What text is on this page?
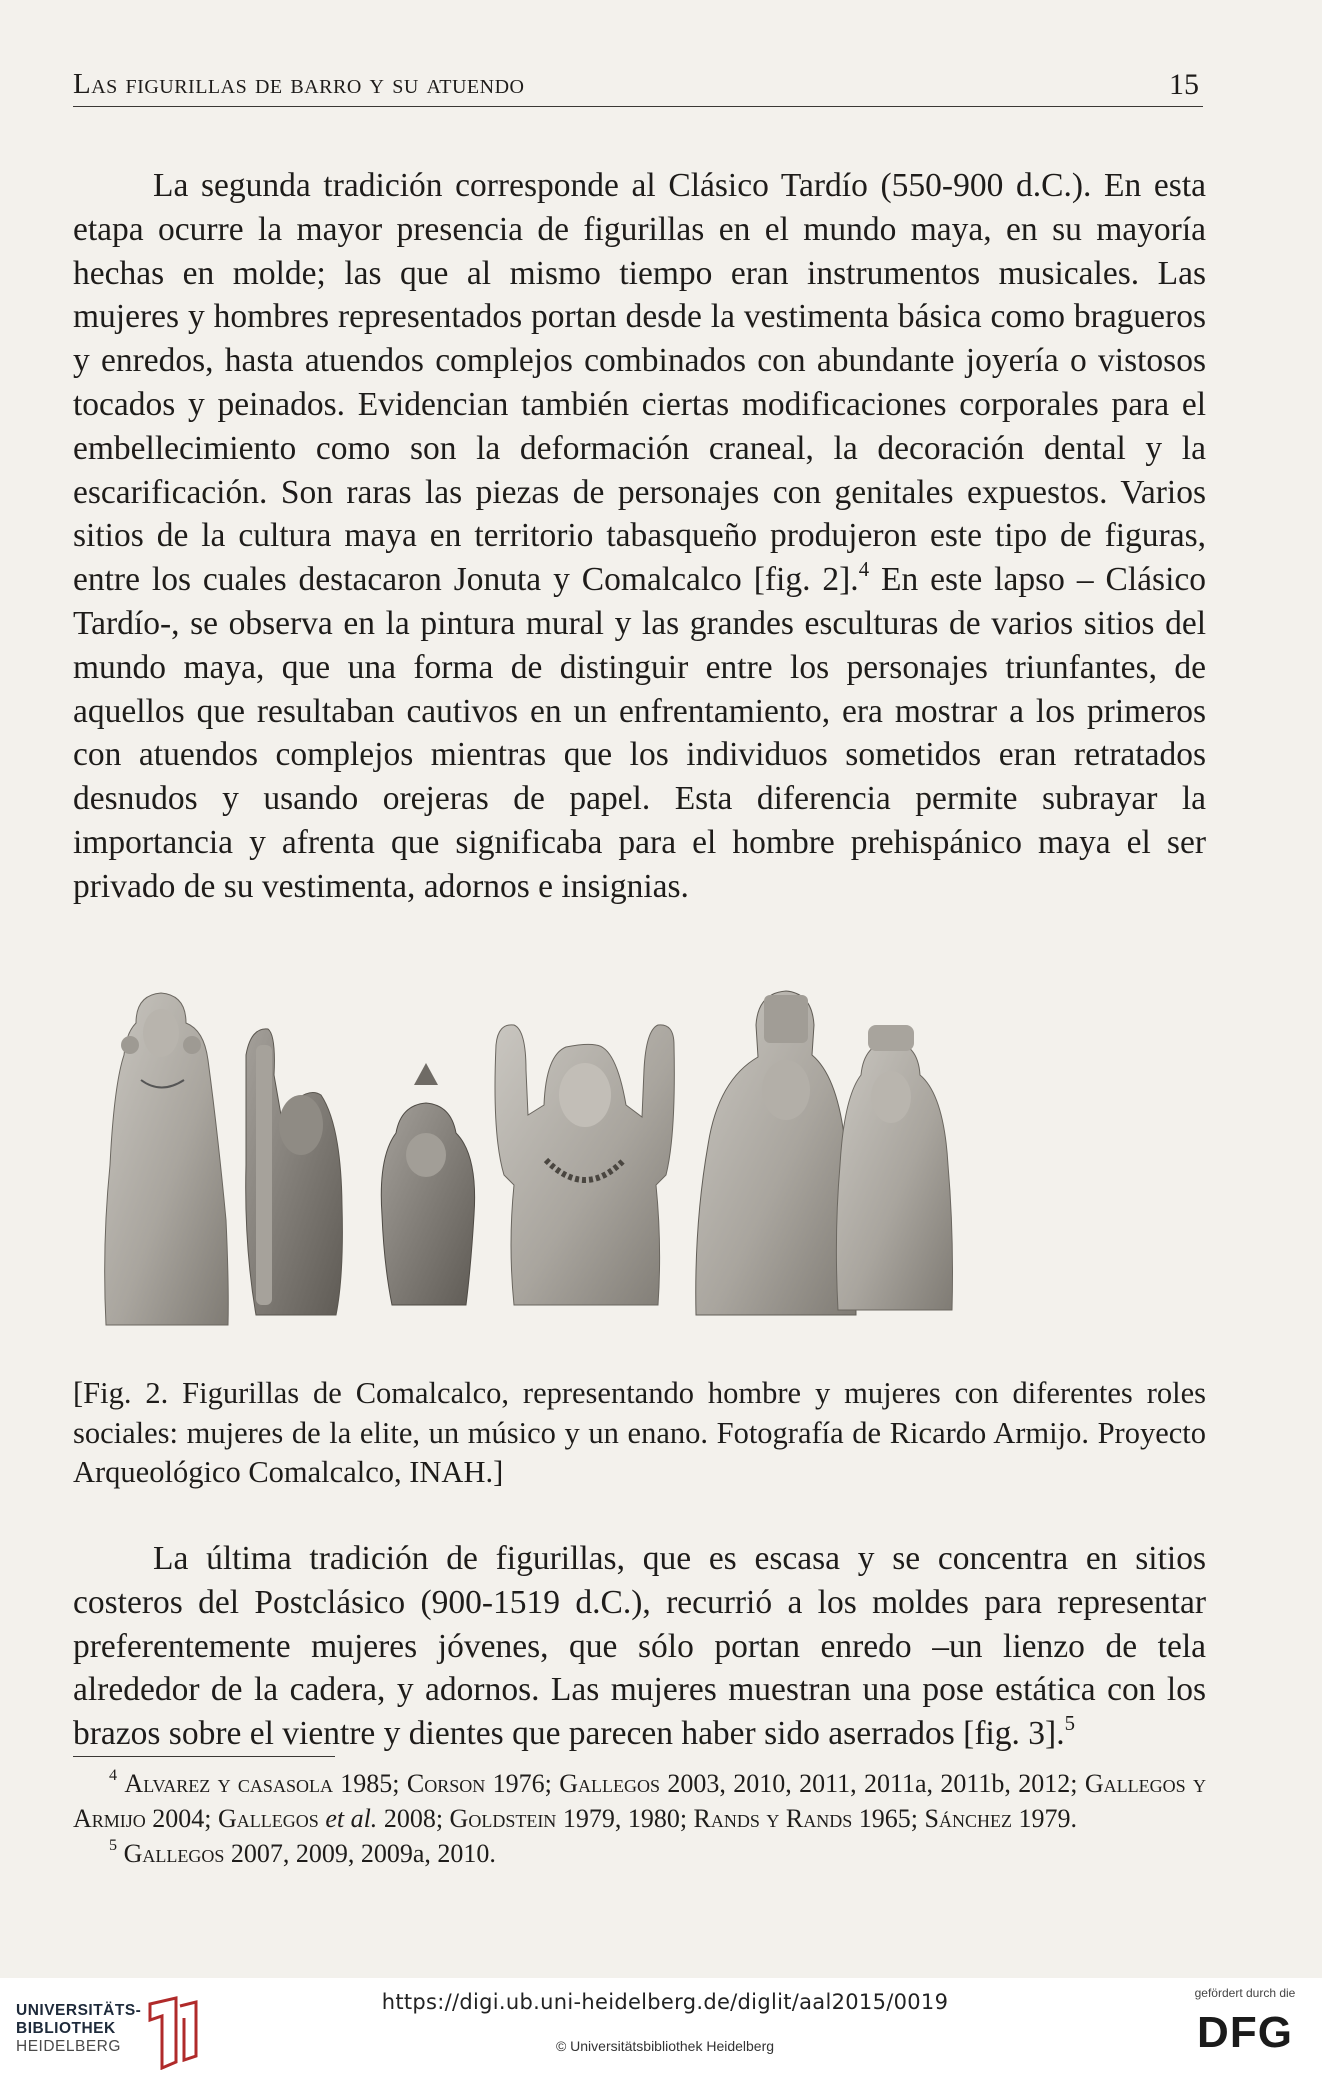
Las figurillas de barro y su atuendo	15

La segunda tradición corresponde al Clásico Tardío (550-900 d.C.). En esta etapa ocurre la mayor presencia de figurillas en el mundo maya, en su mayoría hechas en molde; las que al mismo tiempo eran instrumentos musicales. Las mujeres y hombres representados portan desde la vestimenta básica como bragueros y enredos, hasta atuendos complejos combinados con abundante joyería o vistosos tocados y peinados. Evidencian también ciertas modificaciones corporales para el embellecimiento como son la deformación craneal, la decoración dental y la escarificación. Son raras las piezas de personajes con genitales expuestos. Varios sitios de la cultura maya en territorio tabasqueño produjeron este tipo de figuras, entre los cuales destacaron Jonuta y Comalcalco [fig. 2].$^4$ En este lapso – Clásico Tardío-, se observa en la pintura mural y las grandes esculturas de varios sitios del mundo maya, que una forma de distinguir entre los personajes triunfantes, de aquellos que resultaban cautivos en un enfrentamiento, era mostrar a los primeros con atuendos complejos mientras que los individuos sometidos eran retratados desnudos y usando orejeras de papel. Esta diferencia permite subrayar la importancia y afrenta que significaba para el hombre prehispánico maya el ser privado de su vestimenta, adornos e insignias.

[Fig. 2. Figurillas de Comalcalco, representando hombre y mujeres con diferentes roles sociales: mujeres de la elite, un músico y un enano. Fotografía de Ricardo Armijo. Proyecto Arqueológico Comalcalco, INAH.]

La última tradición de figurillas, que es escasa y se concentra en sitios costeros del Postclásico (900-1519 d.C.), recurrió a los moldes para representar preferentemente mujeres jóvenes, que sólo portan enredo –un lienzo de tela alrededor de la cadera, y adornos. Las mujeres muestran una pose estática con los brazos sobre el vientre y dientes que parecen haber sido aserrados [fig. 3].$^5$

$^4$ Alvarez y casasola 1985; Corson 1976; Gallegos 2003, 2010, 2011, 2011a, 2011b, 2012; Gallegos y Armijo 2004; Gallegos et al. 2008; Goldstein 1979, 1980; Rands y Rands 1965; Sánchez 1979.

$^5$ Gallegos 2007, 2009, 2009a, 2010.

UNIVERSITÄTS-
BIBLIOTHEK
HEIDELBERG
https://digi.ub.uni-heidelberg.de/diglit/aal2015/0019
© Universitätsbibliothek Heidelberg
gefördert durch die
DFG
